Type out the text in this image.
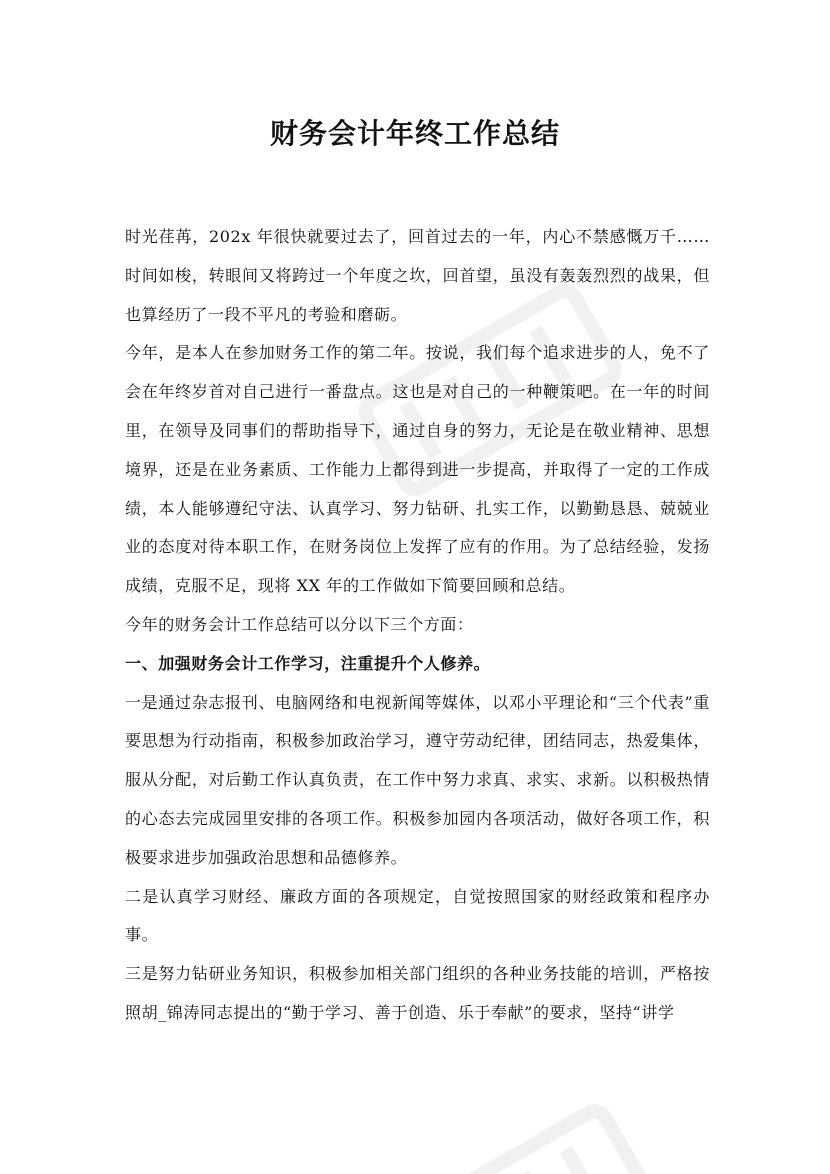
财务会计年终工作总结

时光荏苒，202x 年很快就要过去了，回首过去的一年，内心不禁感慨万千……时间如梭，转眼间又将跨过一个年度之坎，回首望，虽没有轰轰烈烈的战果，但也算经历了一段不平凡的考验和磨砺。

今年，是本人在参加财务工作的第二年。按说，我们每个追求进步的人，免不了会在年终岁首对自己进行一番盘点。这也是对自己的一种鞭策吧。在一年的时间里，在领导及同事们的帮助指导下，通过自身的努力，无论是在敬业精神、思想境界，还是在业务素质、工作能力上都得到进一步提高，并取得了一定的工作成绩，本人能够遵纪守法、认真学习、努力钻研、扎实工作，以勤勤恳恳、兢兢业业的态度对待本职工作，在财务岗位上发挥了应有的作用。为了总结经验，发扬成绩，克服不足，现将 XX 年的工作做如下简要回顾和总结。

今年的财务会计工作总结可以分以下三个方面：

一、加强财务会计工作学习，注重提升个人修养。

一是通过杂志报刊、电脑网络和电视新闻等媒体，以邓小平理论和“三个代表”重要思想为行动指南，积极参加政治学习，遵守劳动纪律，团结同志，热爱集体，服从分配，对后勤工作认真负责，在工作中努力求真、求实、求新。以积极热情的心态去完成园里安排的各项工作。积极参加园内各项活动，做好各项工作，积极要求进步加强政治思想和品德修养。

二是认真学习财经、廉政方面的各项规定，自觉按照国家的财经政策和程序办事。

三是努力钻研业务知识，积极参加相关部门组织的各种业务技能的培训，严格按照胡_锦涛同志提出的“勤于学习、善于创造、乐于奉献”的要求，坚持“讲学
